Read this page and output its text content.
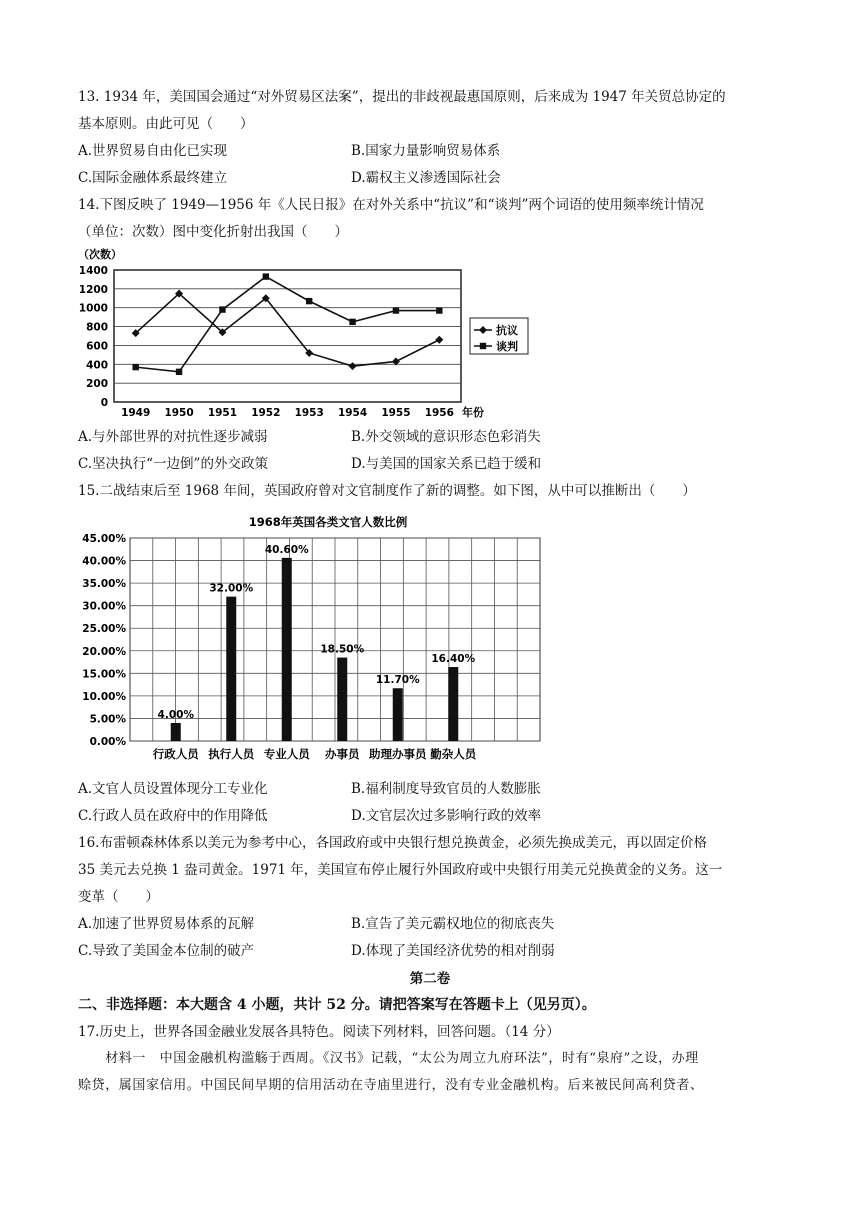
13. 1934 年，美国国会通过“对外贸易区法案”，提出的非歧视最惠国原则，后来成为 1947 年关贸总协定的
基本原则。由此可见（　　）
A.世界贸易自由化已实现	B.国家力量影响贸易体系
C.国际金融体系最终建立	D.霸权主义渗透国际社会
14.下图反映了 1949—1956 年《人民日报》在对外关系中“抗议”和“谈判”两个词语的使用频率统计情况
（单位：次数）图中变化折射出我国（　　）
（次数）
0
200
400
600
800
1000
1200
1400
1949 1950 1951 1952 1953 1954 1955 1956 年份
抗议
谈判
A.与外部世界的对抗性逐步减弱	B.外交领域的意识形态色彩消失
C.坚决执行“一边倒”的外交政策	D.与美国的国家关系已趋于缓和
15.二战结束后至 1968 年间，英国政府曾对文官制度作了新的调整。如下图，从中可以推断出（　　）
1968年英国各类文官人数比例
0.00%
5.00%
10.00%
15.00%
20.00%
25.00%
30.00%
35.00%
40.00%
45.00%
4.00%
32.00%
40.60%
18.50%
11.70%
16.40%
行政人员 执行人员 专业人员 办事员 助理办事员 勤杂人员
A.文官人员设置体现分工专业化	B.福利制度导致官员的人数膨胀
C.行政人员在政府中的作用降低	D.文官层次过多影响行政的效率
16.布雷顿森林体系以美元为参考中心，各国政府或中央银行想兑换黄金，必须先换成美元，再以固定价格
35 美元去兑换 1 盎司黄金。1971 年，美国宣布停止履行外国政府或中央银行用美元兑换黄金的义务。这一
变革（　　）
A.加速了世界贸易体系的瓦解	B.宣告了美元霸权地位的彻底丧失
C.导致了美国金本位制的破产	D.体现了美国经济优势的相对削弱
第二卷
二、非选择题：本大题含 4 小题，共计 52 分。请把答案写在答题卡上（见另页）。
17.历史上，世界各国金融业发展各具特色。阅读下列材料，回答问题。（14 分）
　　材料一　中国金融机构滥觞于西周。《汉书》记载，“太公为周立九府环法”，时有“泉府”之设，办理
赊贷，属国家信用。中国民间早期的信用活动在寺庙里进行，没有专业金融机构。后来被民间高利贷者、
